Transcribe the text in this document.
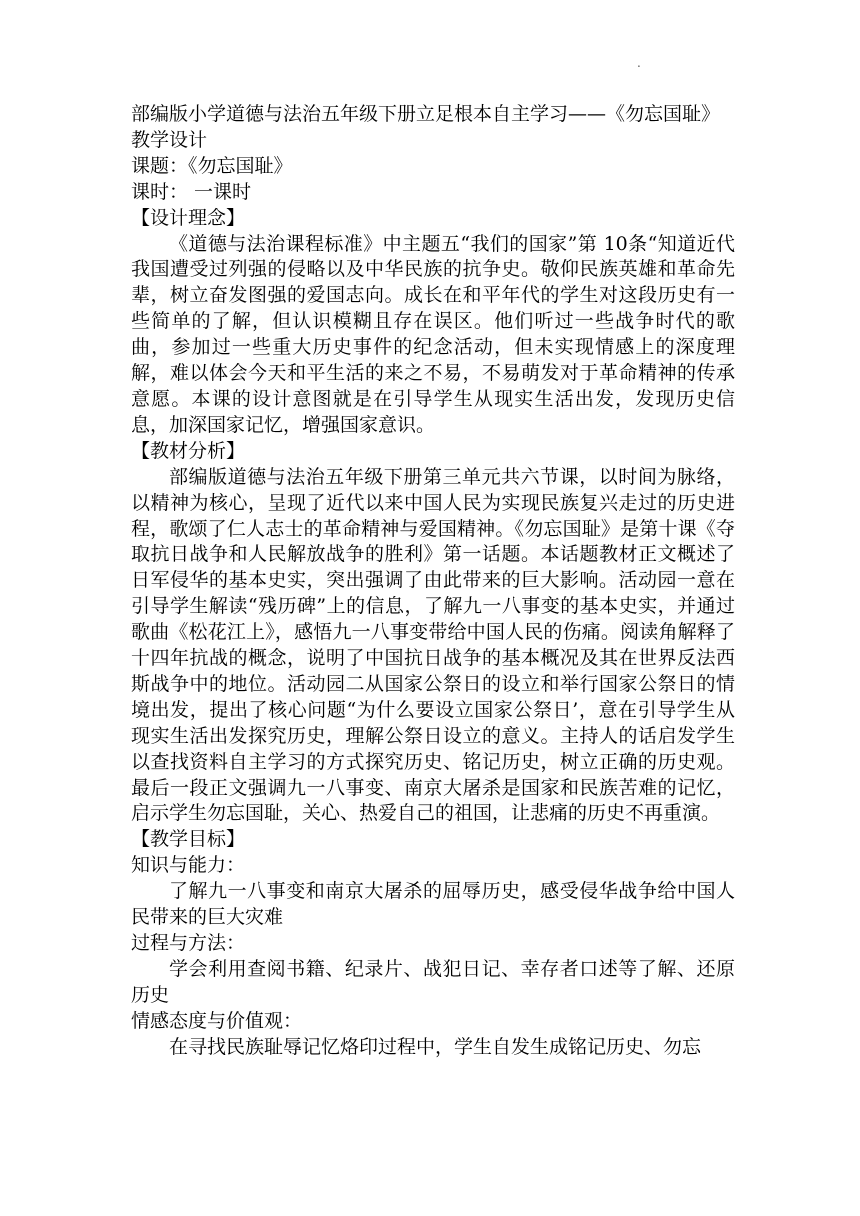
.

部编版小学道德与法治五年级下册立足根本自主学习——《勿忘国耻》

教学设计

课题：《勿忘国耻》

课时： 一课时

【设计理念】

《道德与法治课程标准》中主题五“我们的国家”第 10条“知道近代我国遭受过列强的侵略以及中华民族的抗争史。敬仰民族英雄和革命先辈，树立奋发图强的爱国志向。成长在和平年代的学生对这段历史有一些简单的了解，但认识模糊且存在误区。他们听过一些战争时代的歌曲，参加过一些重大历史事件的纪念活动，但未实现情感上的深度理解，难以体会今天和平生活的来之不易，不易萌发对于革命精神的传承意愿。本课的设计意图就是在引导学生从现实生活出发，发现历史信息，加深国家记忆，增强国家意识。

【教材分析】

部编版道德与法治五年级下册第三单元共六节课，以时间为脉络，以精神为核心，呈现了近代以来中国人民为实现民族复兴走过的历史进程，歌颂了仁人志士的革命精神与爱国精神。《勿忘国耻》是第十课《夺取抗日战争和人民解放战争的胜利》第一话题。本话题教材正文概述了日军侵华的基本史实，突出强调了由此带来的巨大影响。活动园一意在引导学生解读“残历碑”上的信息，了解九一八事变的基本史实，并通过歌曲《松花江上》，感悟九一八事变带给中国人民的伤痛。阅读角解释了十四年抗战的概念，说明了中国抗日战争的基本概况及其在世界反法西斯战争中的地位。活动园二从国家公祭日的设立和举行国家公祭日的情境出发，提出了核心问题“为什么要设立国家公祭日’，意在引导学生从现实生活出发探究历史，理解公祭日设立的意义。主持人的话启发学生以查找资料自主学习的方式探究历史、铭记历史，树立正确的历史观。最后一段正文强调九一八事变、南京大屠杀是国家和民族苦难的记忆，启示学生勿忘国耻，关心、热爱自己的祖国，让悲痛的历史不再重演。

【教学目标】

知识与能力：

了解九一八事变和南京大屠杀的屈辱历史，感受侵华战争给中国人民带来的巨大灾难

过程与方法：

学会利用查阅书籍、纪录片、战犯日记、幸存者口述等了解、还原历史

情感态度与价值观：

在寻找民族耻辱记忆烙印过程中，学生自发生成铭记历史、勿忘
